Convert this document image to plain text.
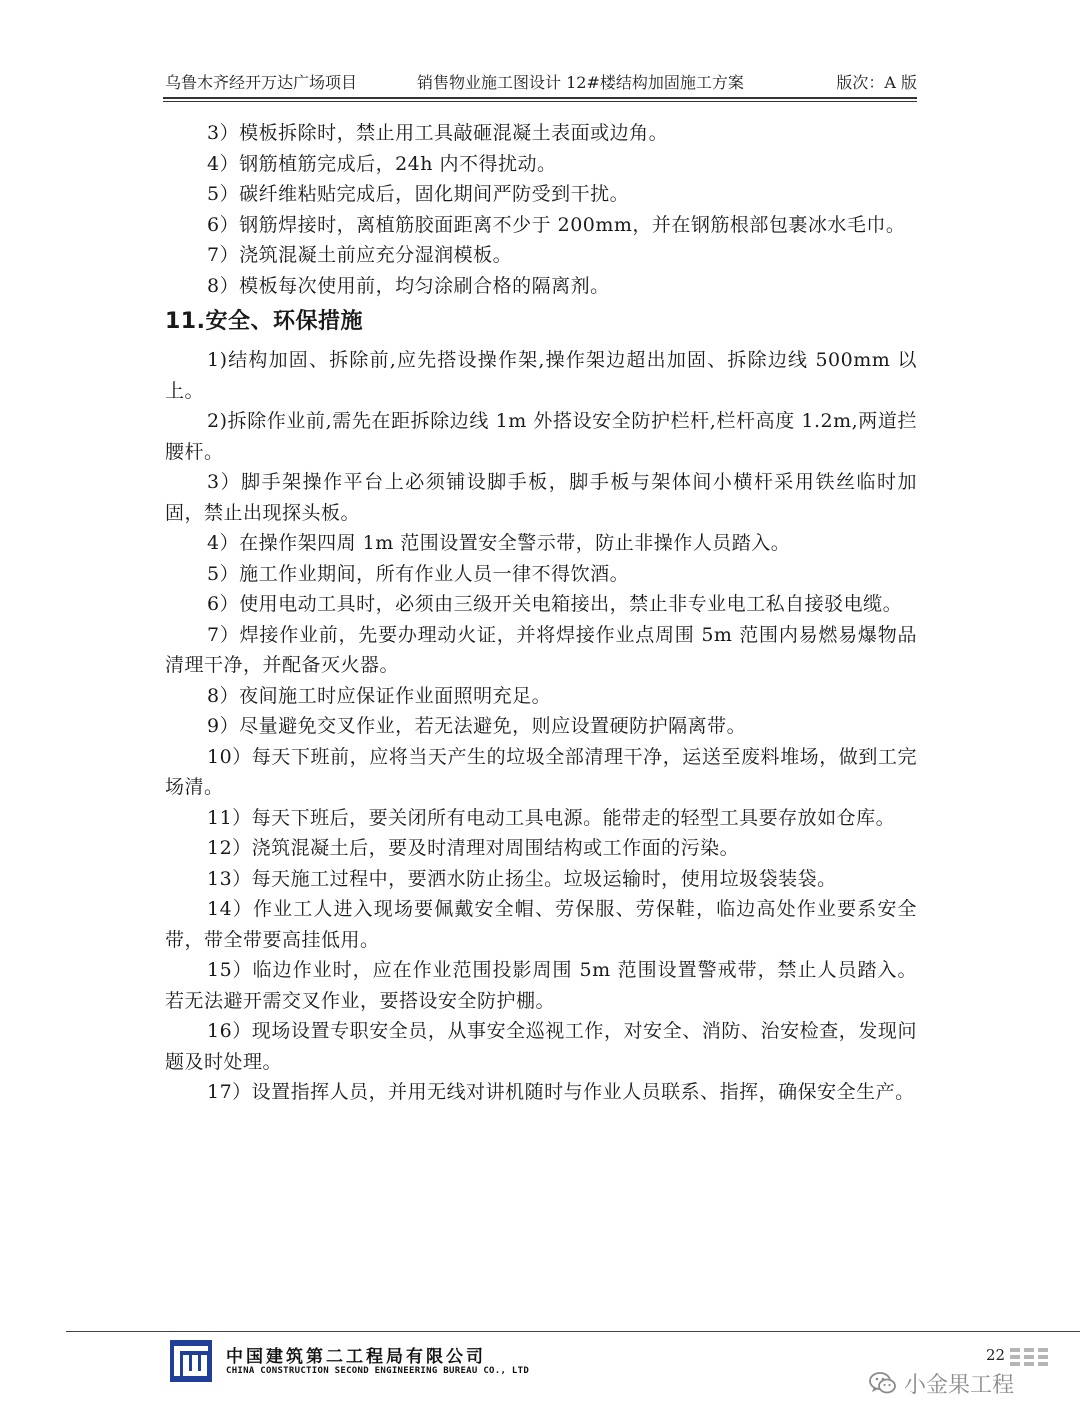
乌鲁木齐经开万达广场项目	销售物业施工图设计 12#楼结构加固施工方案	版次：A 版

3）模板拆除时，禁止用工具敲砸混凝土表面或边角。

4）钢筋植筋完成后，24h 内不得扰动。

5）碳纤维粘贴完成后，固化期间严防受到干扰。

6）钢筋焊接时，离植筋胶面距离不少于 200mm，并在钢筋根部包裹冰水毛巾。

7）浇筑混凝土前应充分湿润模板。

8）模板每次使用前，均匀涂刷合格的隔离剂。

11.安全、环保措施

1)结构加固、拆除前,应先搭设操作架,操作架边超出加固、拆除边线 500mm 以上。

2)拆除作业前,需先在距拆除边线 1m 外搭设安全防护栏杆,栏杆高度 1.2m,两道拦腰杆。

3）脚手架操作平台上必须铺设脚手板，脚手板与架体间小横杆采用铁丝临时加固，禁止出现探头板。

4）在操作架四周 1m 范围设置安全警示带，防止非操作人员踏入。

5）施工作业期间，所有作业人员一律不得饮酒。

6）使用电动工具时，必须由三级开关电箱接出，禁止非专业电工私自接驳电缆。

7）焊接作业前，先要办理动火证，并将焊接作业点周围 5m 范围内易燃易爆物品清理干净，并配备灭火器。

8）夜间施工时应保证作业面照明充足。

9）尽量避免交叉作业，若无法避免，则应设置硬防护隔离带。

10）每天下班前，应将当天产生的垃圾全部清理干净，运送至废料堆场，做到工完场清。

11）每天下班后，要关闭所有电动工具电源。能带走的轻型工具要存放如仓库。

12）浇筑混凝土后，要及时清理对周围结构或工作面的污染。

13）每天施工过程中，要洒水防止扬尘。垃圾运输时，使用垃圾袋装袋。

14）作业工人进入现场要佩戴安全帽、劳保服、劳保鞋，临边高处作业要系安全带，带全带要高挂低用。

15）临边作业时，应在作业范围投影周围 5m 范围设置警戒带，禁止人员踏入。若无法避开需交叉作业，要搭设安全防护棚。

16）现场设置专职安全员，从事安全巡视工作，对安全、消防、治安检查，发现问题及时处理。

17）设置指挥人员，并用无线对讲机随时与作业人员联系、指挥，确保安全生产。

中国建筑第二工程局有限公司
CHINA CONSTRUCTION SECOND ENGINEERING BUREAU CO., LTD
22
小金果工程
